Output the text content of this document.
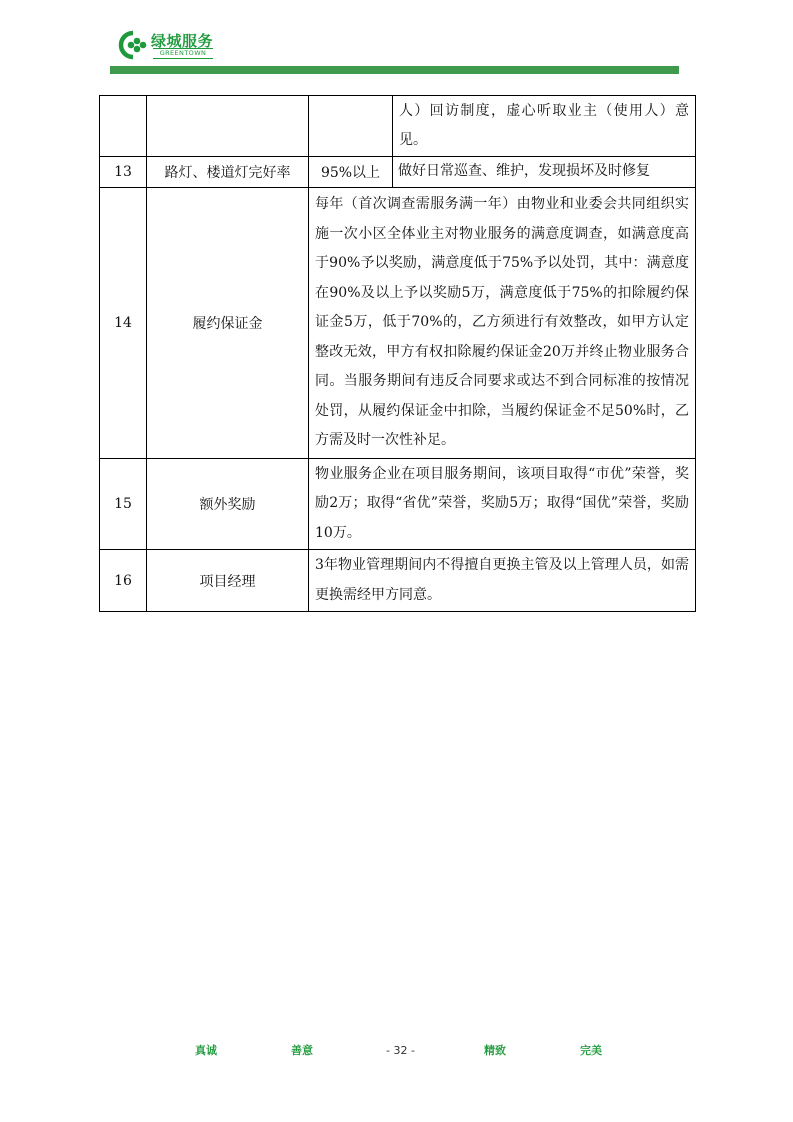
绿城服务
GREENTOWN

			人）回访制度，虚心听取业主（使用人）意见。

13	路灯、楼道灯完好率	95%以上	做好日常巡查、维护，发现损坏及时修复

14	履约保证金	每年（首次调查需服务满一年）由物业和业委会共同组织实施一次小区全体业主对物业服务的满意度调查，如满意度高于90%予以奖励，满意度低于75%予以处罚，其中：满意度在90%及以上予以奖励5万，满意度低于75%的扣除履约保证金5万，低于70%的，乙方须进行有效整改，如甲方认定整改无效，甲方有权扣除履约保证金20万并终止物业服务合同。当服务期间有违反合同要求或达不到合同标准的按情况处罚，从履约保证金中扣除，当履约保证金不足50%时，乙方需及时一次性补足。	

15	额外奖励	物业服务企业在项目服务期间，该项目取得“市优”荣誉，奖励2万；取得“省优”荣誉，奖励5万；取得“国优”荣誉，奖励10万。	

16	项目经理	3年物业管理期间内不得擅自更换主管及以上管理人员，如需更换需经甲方同意。	
真诚	善意	- 32 -	精致	完美
